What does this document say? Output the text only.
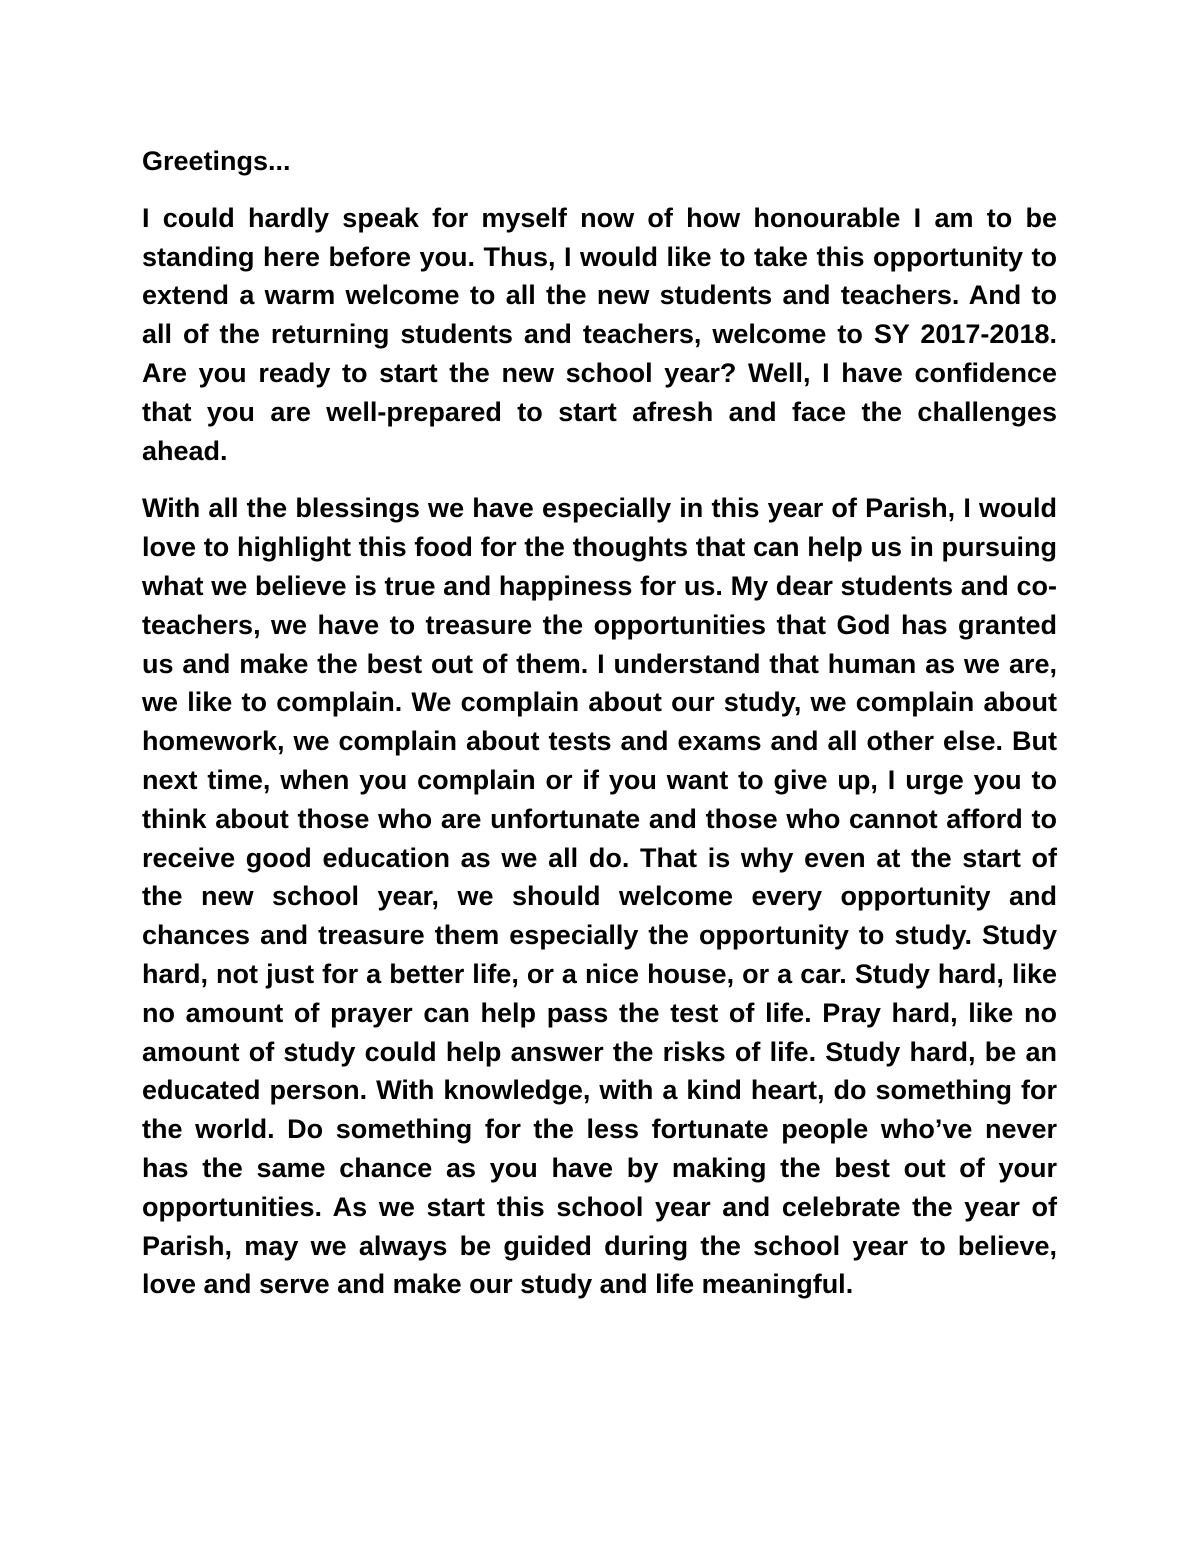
Greetings...

I could hardly speak for myself now of how honourable I am to be standing here before you. Thus, I would like to take this opportunity to extend a warm welcome to all the new students and teachers. And to all of the returning students and teachers, welcome to SY 2017-2018. Are you ready to start the new school year? Well, I have confidence that you are well-prepared to start afresh and face the challenges ahead.

With all the blessings we have especially in this year of Parish, I would love to highlight this food for the thoughts that can help us in pursuing what we believe is true and happiness for us. My dear students and co-teachers, we have to treasure the opportunities that God has granted us and make the best out of them. I understand that human as we are, we like to complain. We complain about our study, we complain about homework, we complain about tests and exams and all other else. But next time, when you complain or if you want to give up, I urge you to think about those who are unfortunate and those who cannot afford to receive good education as we all do. That is why even at the start of the new school year, we should welcome every opportunity and chances and treasure them especially the opportunity to study. Study hard, not just for a better life, or a nice house, or a car. Study hard, like no amount of prayer can help pass the test of life. Pray hard, like no amount of study could help answer the risks of life. Study hard, be an educated person. With knowledge, with a kind heart, do something for the world. Do something for the less fortunate people who’ve never has the same chance as you have by making the best out of your opportunities. As we start this school year and celebrate the year of Parish, may we always be guided during the school year to believe, love and serve and make our study and life meaningful.
